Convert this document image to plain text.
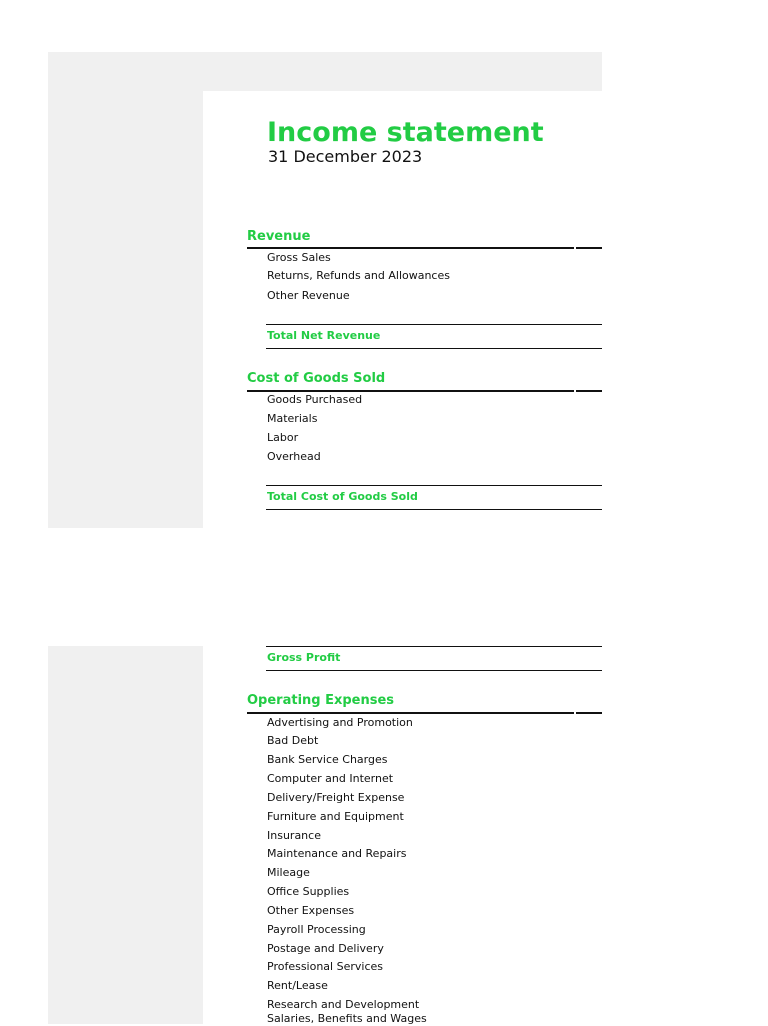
Income statement
31 December 2023
Revenue
Gross Sales
Returns, Refunds and Allowances
Other Revenue
Total Net Revenue
Cost of Goods Sold
Goods Purchased
Materials
Labor
Overhead
Total Cost of Goods Sold
Gross Profit
Operating Expenses
Advertising and Promotion
Bad Debt
Bank Service Charges
Computer and Internet
Delivery/Freight Expense
Furniture and Equipment
Insurance
Maintenance and Repairs
Mileage
Office Supplies
Other Expenses
Payroll Processing
Postage and Delivery
Professional Services
Rent/Lease
Research and Development
Salaries, Benefits and Wages
